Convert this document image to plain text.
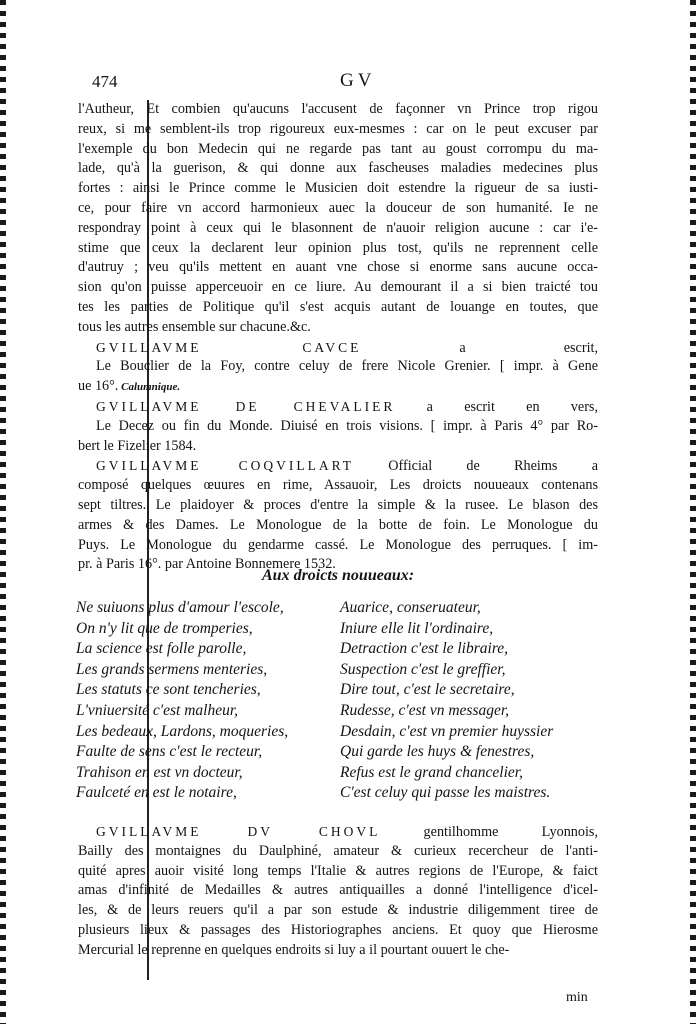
474	GV
l'Autheur, Et combien qu'aucuns l'accusent de façonner vn Prince trop rigou
reux, si me semblent-ils trop rigoureux eux-mesmes : car on le peut excuser par
l'exemple du bon Medecin qui ne regarde pas tant au goust corrompu du ma-
lade, qu'à la guerison, & qui donne aux fascheuses maladies medecines plus
fortes : ainsi le Prince comme le Musicien doit estendre la rigueur de sa iusti-
ce, pour faire vn accord harmonieux auec la douceur de son humanité. Ie ne
respondray point à ceux qui le blasonnent de n'auoir religion aucune : car i'e-
stime que ceux la declarent leur opinion plus tost, qu'ils ne reprennent celle
d'autruy ; veu qu'ils mettent en auant vne chose si enorme sans aucune occa-
sion qu'on puisse apperceuoir en ce liure. Au demourant il a si bien traicté tou
tes les parties de Politique qu'il s'est acquis autant de louange en toutes, que
tous les autres ensemble sur chacune.&c.
GVILLAVME CAVCE a escrit,
Le Bouclier de la Foy, contre celuy de frere Nicole Grenier. [ impr. à Gene
ue 16°. Calumnique.
GVILLAVME DE CHEVALIER a escrit en vers,
Le Decez ou fin du Monde. Diuisé en trois visions. [ impr. à Paris 4° par Ro-
bert le Fizelier 1584.
GVILLAVME COQVILLART Official de Rheims a
composé quelques œuures en rime, Assauoir, Les droicts nouueaux contenans
sept tiltres. Le plaidoyer & proces d'entre la simple & la rusee. Le blason des
armes & des Dames. Le Monologue de la botte de foin. Le Monologue du
Puys. Le Monologue du gendarme cassé. Le Monologue des perruques. [ im-
pr. à Paris 16°. par Antoine Bonnemere 1532.
Aux droicts nouueaux:
Ne suiuons plus d'amour l'escole,
On n'y lit que de tromperies,
La science est folle parolle,
Les grands sermens menteries,
Les statuts ce sont tencheries,
L'vniuersité c'est malheur,
Les bedeaux, Lardons, moqueries,
Faulte de sens c'est le recteur,
Trahison en est vn docteur,
Faulceté en est le notaire,
Auarice, conseruateur,
Iniure elle lit l'ordinaire,
Detraction c'est le libraire,
Suspection c'est le greffier,
Dire tout, c'est le secretaire,
Rudesse, c'est vn messager,
Desdain, c'est vn premier huyssier
Qui garde les huys & fenestres,
Refus est le grand chancelier,
C'est celuy qui passe les maistres.
GVILLAVME DV CHOVL gentilhomme Lyonnois,
Bailly des montaignes du Daulphiné, amateur & curieux recercheur de l'anti-
quité apres auoir visité long temps l'Italie & autres regions de l'Europe, & faict
amas d'infinité de Medailles & autres antiquailles a donné l'intelligence d'icel-
les, & de leurs reuers qu'il a par son estude & industrie diligemment tiree de
plusieurs lieux & passages des Historiographes anciens. Et quoy que Hierosme
Mercurial le reprenne en quelques endroits si luy a il pourtant ouuert le che-
min
